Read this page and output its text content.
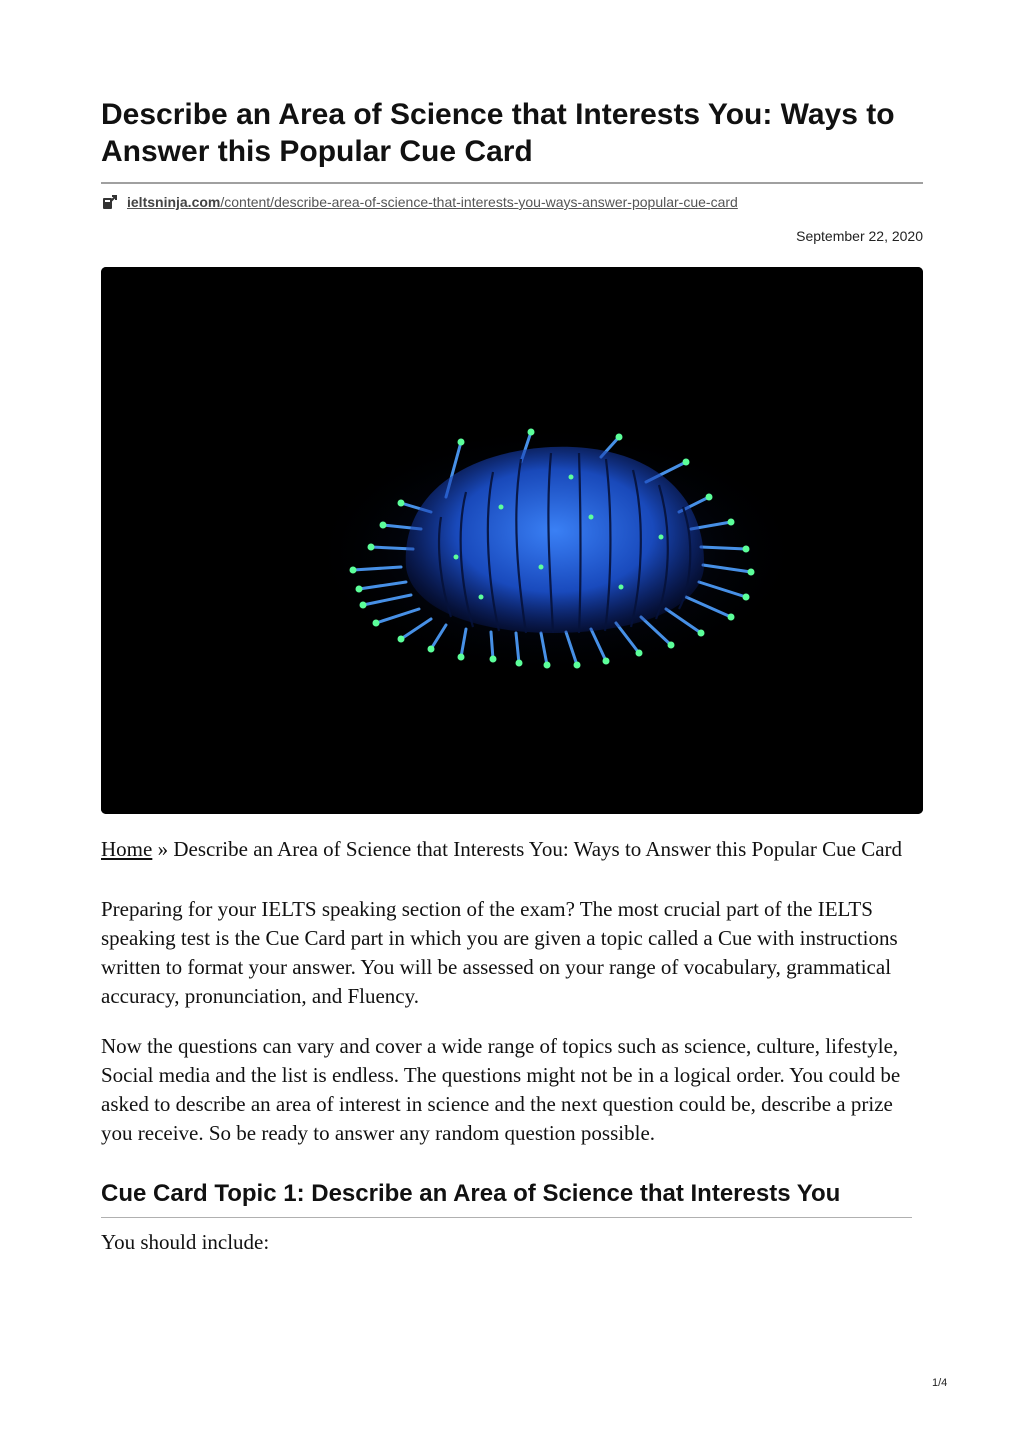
Describe an Area of Science that Interests You: Ways to Answer this Popular Cue Card
ieltsninja.com/content/describe-area-of-science-that-interests-you-ways-answer-popular-cue-card
September 22, 2020
Home » Describe an Area of Science that Interests You: Ways to Answer this Popular Cue Card

Preparing for your IELTS speaking section of the exam? The most crucial part of the IELTS speaking test is the Cue Card part in which you are given a topic called a Cue with instructions written to format your answer. You will be assessed on your range of vocabulary, grammatical accuracy, pronunciation, and Fluency.

Now the questions can vary and cover a wide range of topics such as science, culture, lifestyle, Social media and the list is endless. The questions might not be in a logical order. You could be asked to describe an area of interest in science and the next question could be, describe a prize you receive. So be ready to answer any random question possible.

Cue Card Topic 1: Describe an Area of Science that Interests You

You should include:

1/4
